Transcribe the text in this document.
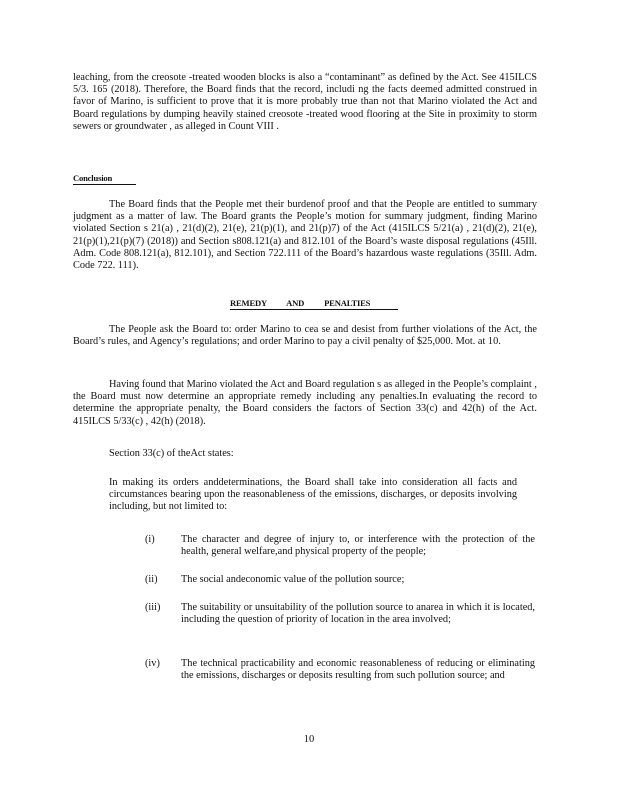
leaching, from the creosote -treated wooden blocks is also a “contaminant” as defined by the Act. See 415ILCS 5/3. 165 (2018). Therefore, the Board finds that the record, includi ng the facts deemed admitted construed in favor of Marino, is sufficient to prove that it is more probably true than not that Marino violated the Act and Board regulations by dumping heavily stained creosote -treated wood flooring at the Site in proximity to storm sewers or groundwater , as alleged in Count VIII .

Conclusion

The Board finds that the People met their burdenof proof and that the People are entitled to summary judgment as a matter of law. The Board grants the People’s motion for summary judgment, finding Marino violated Section s 21(a) , 21(d)(2), 21(e), 21(p)(1), and 21(p)7) of the Act (415ILCS 5/21(a) , 21(d)(2), 21(e), 21(p)(1),21(p)(7) (2018)) and Section s808.121(a) and 812.101 of the Board’s waste disposal regulations (45Ill. Adm. Code 808.121(a), 812.101), and Section 722.111 of the Board’s hazardous waste regulations (35Ill. Adm. Code 722. 111).

REMEDY AND PENALTIES

The People ask the Board to: order Marino to cea se and desist from further violations of the Act, the Board’s rules, and Agency’s regulations; and order Marino to pay a civil penalty of $25,000. Mot. at 10.

Having found that Marino violated the Act and Board regulation s as alleged in the People’s complaint , the Board must now determine an appropriate remedy including any penalties.In evaluating the record to determine the appropriate penalty, the Board considers the factors of Section 33(c) and 42(h) of the Act. 415ILCS 5/33(c) , 42(h) (2018).

Section 33(c) of theAct states:

In making its orders anddeterminations, the Board shall take into consideration all facts and circumstances bearing upon the reasonableness of the emissions, discharges, or deposits involving including, but not limited to:

(i)	The character and degree of injury to, or interference with the protection of the health, general welfare,and physical property of the people;
(ii)	The social andeconomic value of the pollution source;
(iii)	The suitability or unsuitability of the pollution source to anarea in which it is located, including the question of priority of location in the area involved;
(iv)	The technical practicability and economic reasonableness of reducing or eliminating the emissions, discharges or deposits resulting from such pollution source; and
10
